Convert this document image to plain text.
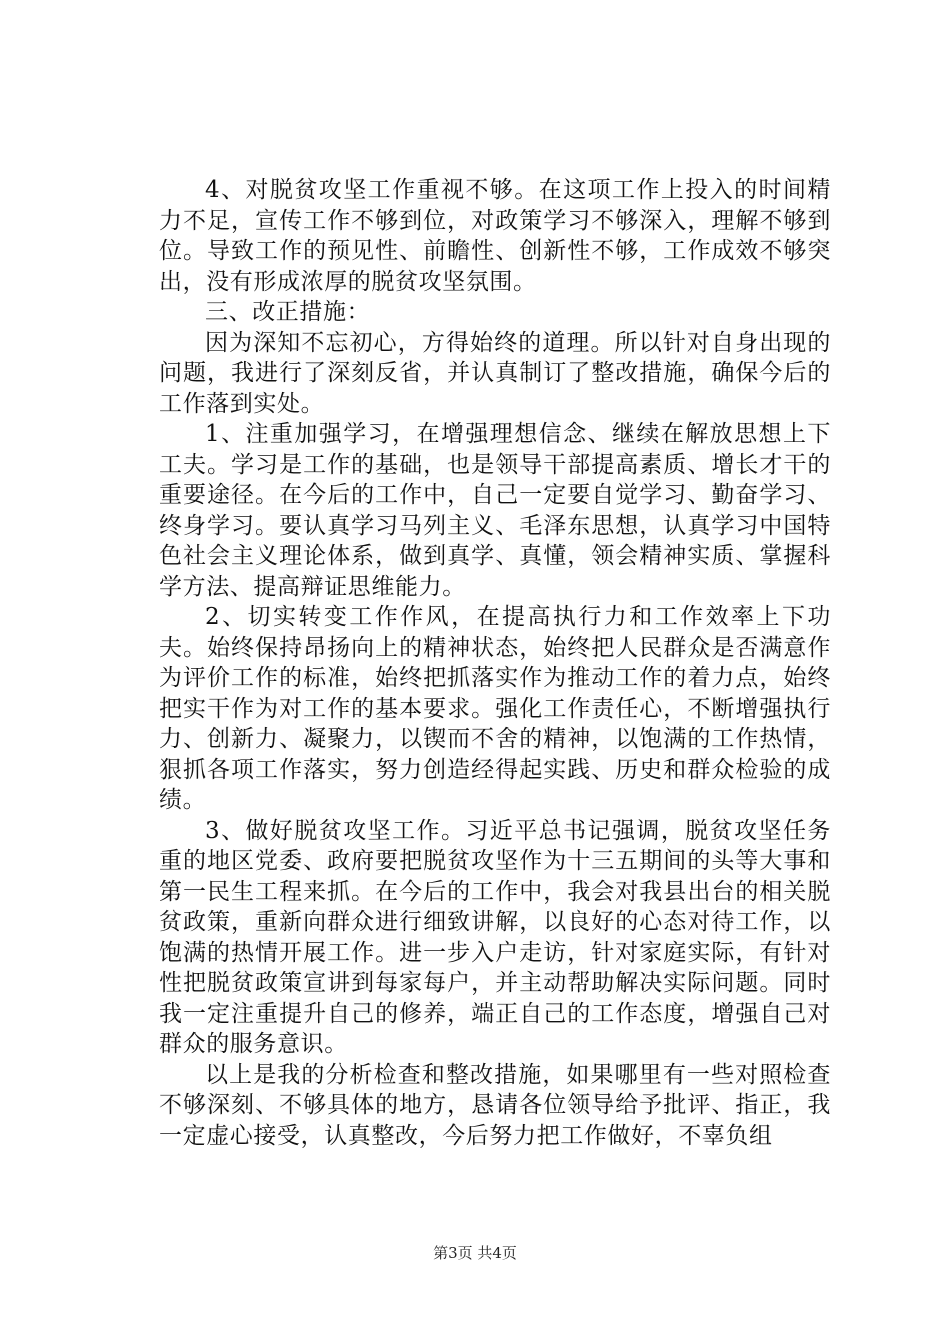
4、对脱贫攻坚工作重视不够。在这项工作上投入的时间精力不足，宣传工作不够到位，对政策学习不够深入，理解不够到位。导致工作的预见性、前瞻性、创新性不够，工作成效不够突出，没有形成浓厚的脱贫攻坚氛围。

三、改正措施：

因为深知不忘初心，方得始终的道理。所以针对自身出现的问题，我进行了深刻反省，并认真制订了整改措施，确保今后的工作落到实处。

1、注重加强学习，在增强理想信念、继续在解放思想上下工夫。学习是工作的基础，也是领导干部提高素质、增长才干的重要途径。在今后的工作中，自己一定要自觉学习、勤奋学习、终身学习。要认真学习马列主义、毛泽东思想，认真学习中国特色社会主义理论体系，做到真学、真懂，领会精神实质、掌握科学方法、提高辩证思维能力。

2、切实转变工作作风，在提高执行力和工作效率上下功夫。始终保持昂扬向上的精神状态，始终把人民群众是否满意作为评价工作的标准，始终把抓落实作为推动工作的着力点，始终把实干作为对工作的基本要求。强化工作责任心，不断增强执行力、创新力、凝聚力，以锲而不舍的精神，以饱满的工作热情，狠抓各项工作落实，努力创造经得起实践、历史和群众检验的成绩。

3、做好脱贫攻坚工作。习近平总书记强调，脱贫攻坚任务重的地区党委、政府要把脱贫攻坚作为十三五期间的头等大事和第一民生工程来抓。在今后的工作中，我会对我县出台的相关脱贫政策，重新向群众进行细致讲解，以良好的心态对待工作，以饱满的热情开展工作。进一步入户走访，针对家庭实际，有针对性把脱贫政策宣讲到每家每户，并主动帮助解决实际问题。同时我一定注重提升自己的修养，端正自己的工作态度，增强自己对群众的服务意识。

以上是我的分析检查和整改措施，如果哪里有一些对照检查不够深刻、不够具体的地方，恳请各位领导给予批评、指正，我一定虚心接受，认真整改，今后努力把工作做好，不辜负组

第3页 共4页
